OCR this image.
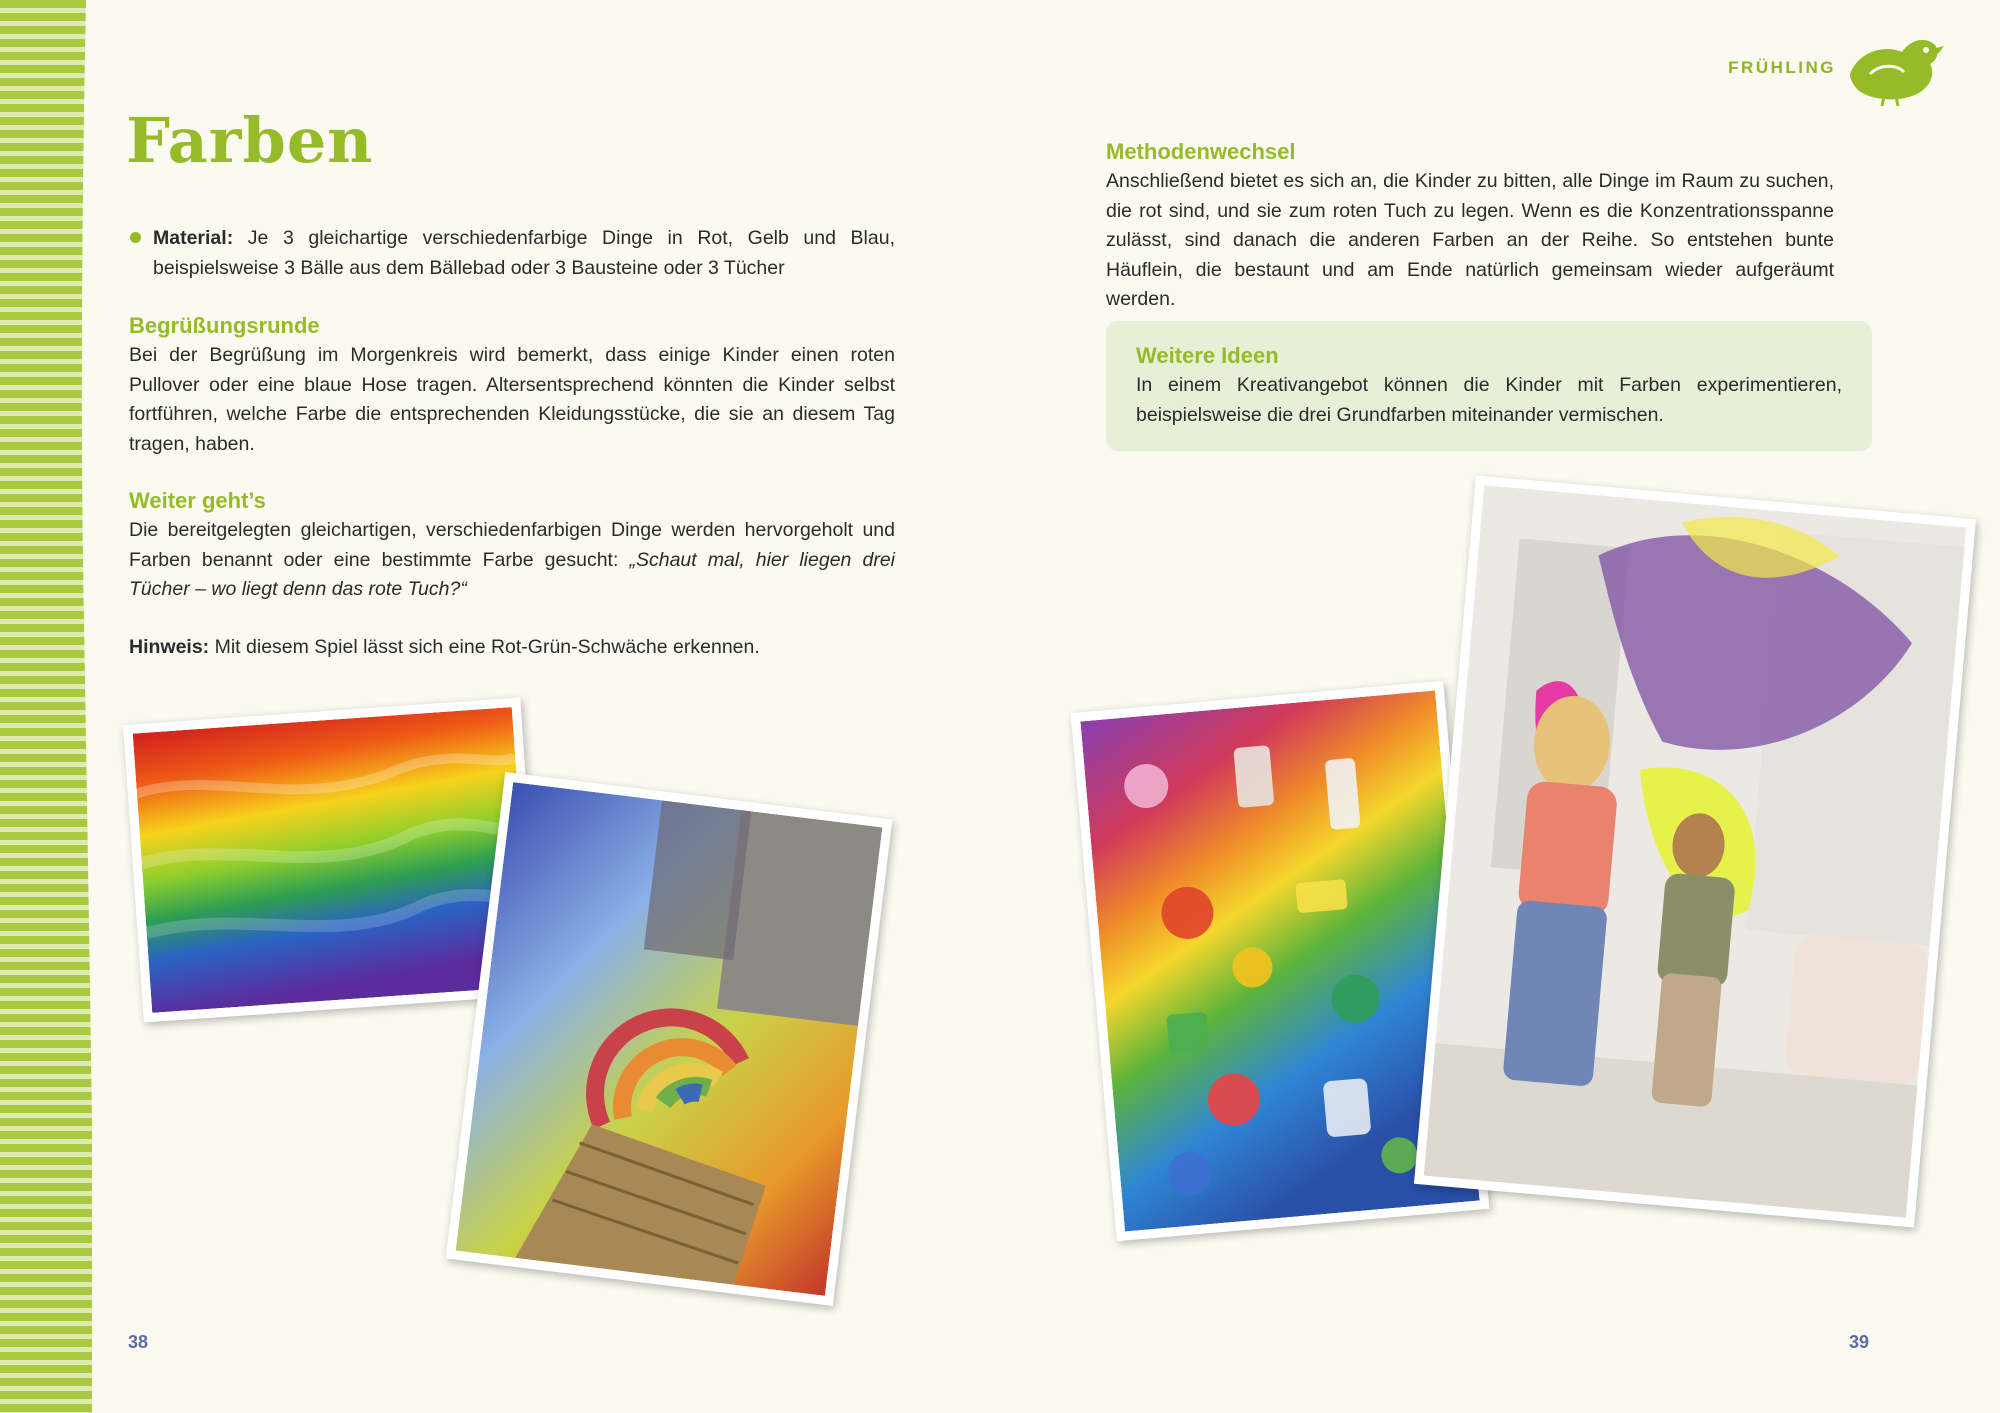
Farben

Material: Je 3 gleichartige verschiedenfarbige Dinge in Rot, Gelb und Blau, beispielsweise 3 Bälle aus dem Bällebad oder 3 Bausteine oder 3 Tücher

Begrüßungsrunde

Bei der Begrüßung im Morgenkreis wird bemerkt, dass einige Kinder einen roten Pullover oder eine blaue Hose tragen. Altersentsprechend könnten die Kinder selbst fortführen, welche Farbe die entsprechenden Kleidungsstücke, die sie an diesem Tag tragen, haben.

Weiter geht’s

Die bereitgelegten gleichartigen, verschiedenfarbigen Dinge werden hervorgeholt und Farben benannt oder eine bestimmte Farbe gesucht: „Schaut mal, hier liegen drei Tücher – wo liegt denn das rote Tuch?“

Hinweis: Mit diesem Spiel lässt sich eine Rot-Grün-Schwäche erkennen.

38
FRÜHLING
Methodenwechsel

Anschließend bietet es sich an, die Kinder zu bitten, alle Dinge im Raum zu suchen, die rot sind, und sie zum roten Tuch zu legen. Wenn es die Konzentrationsspanne zulässt, sind danach die anderen Farben an der Reihe. So entstehen bunte Häuflein, die bestaunt und am Ende natürlich gemeinsam wieder aufgeräumt werden.

Weitere Ideen

In einem Kreativangebot können die Kinder mit Farben experimentieren, beispielsweise die drei Grundfarben miteinander vermischen.

39
